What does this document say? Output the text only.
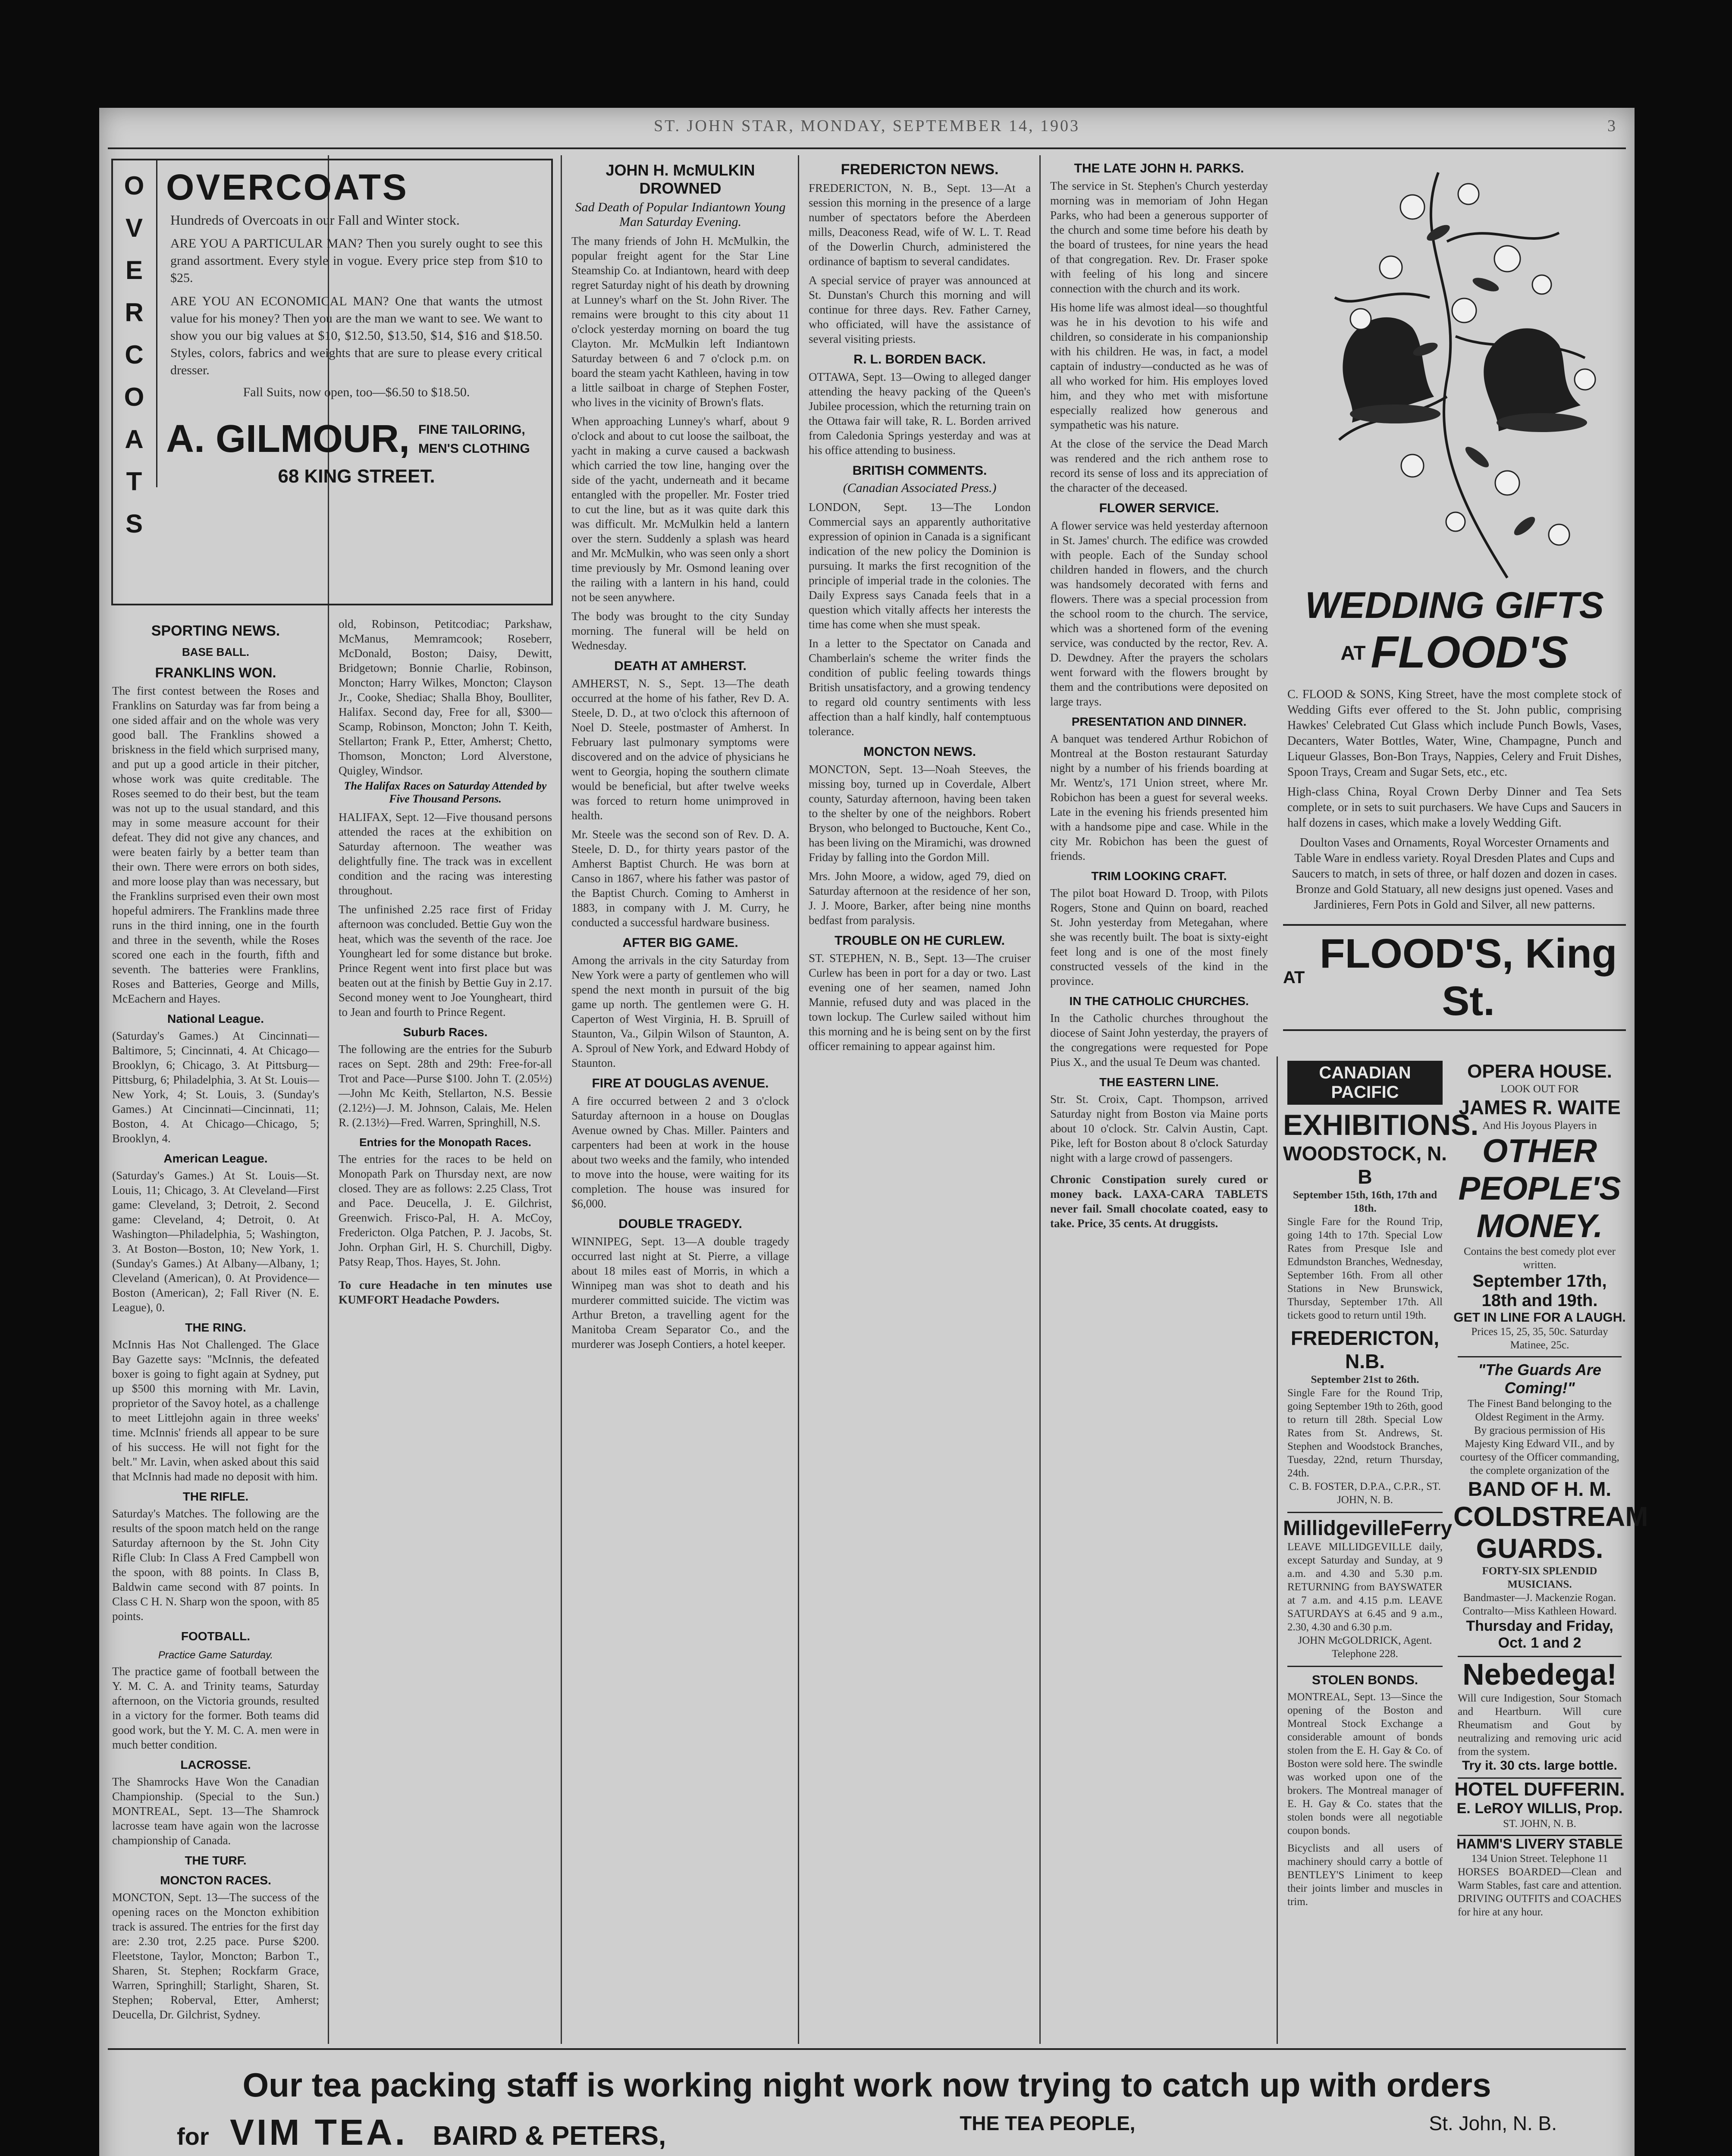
ST. JOHN STAR, MONDAY, SEPTEMBER 14, 1903	3
OVERCOATS
OVERCOATS
Hundreds of Overcoats in our Fall and Winter stock.
ARE YOU A PARTICULAR MAN? Then you surely ought to see this grand assortment. Every style in vogue. Every price step from $10 to $25.
ARE YOU AN ECONOMICAL MAN? One that wants the utmost value for his money? Then you are the man we want to see. We want to show you our big values at $10, $12.50, $13.50, $14, $16 and $18.50. Styles, colors, fabrics and weights that are sure to please every critical dresser.
Fall Suits, now open, too—$6.50 to $18.50.
A. GILMOUR, FINE TAILORING,
MEN'S CLOTHING
68 KING STREET.
SPORTING NEWS.
BASE BALL.
FRANKLINS WON.
The first contest between the Roses and Franklins on Saturday was far from being a one sided affair and on the whole was very good ball. The Franklins showed a briskness in the field which surprised many, and put up a good article in their pitcher, whose work was quite creditable. The Roses seemed to do their best, but the team was not up to the usual standard, and this may in some measure account for their defeat. They did not give any chances, and were beaten fairly by a better team than their own. There were errors on both sides, and more loose play than was necessary, but the Franklins surprised even their own most hopeful admirers. The Franklins made three runs in the third inning, one in the fourth and three in the seventh, while the Roses scored one each in the fourth, fifth and seventh. The batteries were Franklins, Roses and Batteries, George and Mills, McEachern and Hayes.
National League.
(Saturday's Games.) At Cincinnati—Baltimore, 5; Cincinnati, 4. At Chicago—Brooklyn, 6; Chicago, 3. At Pittsburg—Pittsburg, 6; Philadelphia, 3. At St. Louis—New York, 4; St. Louis, 3. (Sunday's Games.) At Cincinnati—Cincinnati, 11; Boston, 4. At Chicago—Chicago, 5; Brooklyn, 4.
American League.
(Saturday's Games.) At St. Louis—St. Louis, 11; Chicago, 3. At Cleveland—First game: Cleveland, 3; Detroit, 2. Second game: Cleveland, 4; Detroit, 0. At Washington—Philadelphia, 5; Washington, 3. At Boston—Boston, 10; New York, 1. (Sunday's Games.) At Albany—Albany, 1; Cleveland (American), 0. At Providence—Boston (American), 2; Fall River (N. E. League), 0.
THE RING.
McInnis Has Not Challenged. The Glace Bay Gazette says: "McInnis, the defeated boxer is going to fight again at Sydney, put up $500 this morning with Mr. Lavin, proprietor of the Savoy hotel, as a challenge to meet Littlejohn again in three weeks' time. McInnis' friends all appear to be sure of his success. He will not fight for the belt." Mr. Lavin, when asked about this said that McInnis had made no deposit with him.
THE RIFLE.
Saturday's Matches. The following are the results of the spoon match held on the range Saturday afternoon by the St. John City Rifle Club: In Class A Fred Campbell won the spoon, with 88 points. In Class B, Baldwin came second with 87 points. In Class C H. N. Sharp won the spoon, with 85 points.
FOOTBALL.
Practice Game Saturday.
The practice game of football between the Y. M. C. A. and Trinity teams, Saturday afternoon, on the Victoria grounds, resulted in a victory for the former. Both teams did good work, but the Y. M. C. A. men were in much better condition.
LACROSSE.
The Shamrocks Have Won the Canadian Championship. (Special to the Sun.) MONTREAL, Sept. 13—The Shamrock lacrosse team have again won the lacrosse championship of Canada.
THE TURF.
MONCTON RACES.
MONCTON, Sept. 13—The success of the opening races on the Moncton exhibition track is assured. The entries for the first day are: 2.30 trot, 2.25 pace. Purse $200. Fleetstone, Taylor, Moncton; Barbon T., Sharen, St. Stephen; Rockfarm Grace, Warren, Springhill; Starlight, Sharen, St. Stephen; Roberval, Etter, Amherst; Deucella, Dr. Gilchrist, Sydney.
old, Robinson, Petitcodiac; Parkshaw, McManus, Memramcook; Roseberr, McDonald, Boston; Daisy, Dewitt, Bridgetown; Bonnie Charlie, Robinson, Moncton; Harry Wilkes, Moncton; Clayson Jr., Cooke, Shediac; Shalla Bhoy, Boulliter, Halifax. Second day, Free for all, $300—Scamp, Robinson, Moncton; John T. Keith, Stellarton; Frank P., Etter, Amherst; Chetto, Thomson, Moncton; Lord Alverstone, Quigley, Windsor.
The Halifax Races on Saturday Attended by Five Thousand Persons.
HALIFAX, Sept. 12—Five thousand persons attended the races at the exhibition on Saturday afternoon. The weather was delightfully fine. The track was in excellent condition and the racing was interesting throughout.
The unfinished 2.25 race first of Friday afternoon was concluded. Bettie Guy won the heat, which was the seventh of the race. Joe Youngheart led for some distance but broke. Prince Regent went into first place but was beaten out at the finish by Bettie Guy in 2.17. Second money went to Joe Youngheart, third to Jean and fourth to Prince Regent.
Suburb Races.
The following are the entries for the Suburb races on Sept. 28th and 29th: Free-for-all Trot and Pace—Purse $100. John T. (2.05½)—John Mc Keith, Stellarton, N.S. Bessie (2.12½)—J. M. Johnson, Calais, Me. Helen R. (2.13½)—Fred. Warren, Springhill, N.S.
Entries for the Monopath Races.
The entries for the races to be held on Monopath Park on Thursday next, are now closed. They are as follows: 2.25 Class, Trot and Pace. Deucella, J. E. Gilchrist, Greenwich. Frisco-Pal, H. A. McCoy, Fredericton. Olga Patchen, P. J. Jacobs, St. John. Orphan Girl, H. S. Churchill, Digby. Patsy Reap, Thos. Hayes, St. John.
To cure Headache in ten minutes use KUMFORT Headache Powders.
JOHN H. McMULKIN DROWNED
Sad Death of Popular Indiantown Young Man Saturday Evening.
The many friends of John H. McMulkin, the popular freight agent for the Star Line Steamship Co. at Indiantown, heard with deep regret Saturday night of his death by drowning at Lunney's wharf on the St. John River. The remains were brought to this city about 11 o'clock yesterday morning on board the tug Clayton. Mr. McMulkin left Indiantown Saturday between 6 and 7 o'clock p.m. on board the steam yacht Kathleen, having in tow a little sailboat in charge of Stephen Foster, who lives in the vicinity of Brown's flats.
When approaching Lunney's wharf, about 9 o'clock and about to cut loose the sailboat, the yacht in making a curve caused a backwash which carried the tow line, hanging over the side of the yacht, underneath and it became entangled with the propeller. Mr. Foster tried to cut the line, but as it was quite dark this was difficult. Mr. McMulkin held a lantern over the stern. Suddenly a splash was heard and Mr. McMulkin, who was seen only a short time previously by Mr. Osmond leaning over the railing with a lantern in his hand, could not be seen anywhere.
The body was brought to the city Sunday morning. The funeral will be held on Wednesday.
DEATH AT AMHERST.
AMHERST, N. S., Sept. 13—The death occurred at the home of his father, Rev D. A. Steele, D. D., at two o'clock this afternoon of Noel D. Steele, postmaster of Amherst. In February last pulmonary symptoms were discovered and on the advice of physicians he went to Georgia, hoping the southern climate would be beneficial, but after twelve weeks was forced to return home unimproved in health.
Mr. Steele was the second son of Rev. D. A. Steele, D. D., for thirty years pastor of the Amherst Baptist Church. He was born at Canso in 1867, where his father was pastor of the Baptist Church. Coming to Amherst in 1883, in company with J. M. Curry, he conducted a successful hardware business.
AFTER BIG GAME.
Among the arrivals in the city Saturday from New York were a party of gentlemen who will spend the next month in pursuit of the big game up north. The gentlemen were G. H. Caperton of West Virginia, H. B. Spruill of Staunton, Va., Gilpin Wilson of Staunton, A. A. Sproul of New York, and Edward Hobdy of Staunton.
FIRE AT DOUGLAS AVENUE.
A fire occurred between 2 and 3 o'clock Saturday afternoon in a house on Douglas Avenue owned by Chas. Miller. Painters and carpenters had been at work in the house about two weeks and the family, who intended to move into the house, were waiting for its completion. The house was insured for $6,000.
DOUBLE TRAGEDY.
WINNIPEG, Sept. 13—A double tragedy occurred last night at St. Pierre, a village about 18 miles east of Morris, in which a Winnipeg man was shot to death and his murderer committed suicide. The victim was Arthur Breton, a travelling agent for the Manitoba Cream Separator Co., and the murderer was Joseph Contiers, a hotel keeper.
FREDERICTON NEWS.
FREDERICTON, N. B., Sept. 13—At a session this morning in the presence of a large number of spectators before the Aberdeen mills, Deaconess Read, wife of W. L. T. Read of the Dowerlin Church, administered the ordinance of baptism to several candidates.
A special service of prayer was announced at St. Dunstan's Church this morning and will continue for three days. Rev. Father Carney, who officiated, will have the assistance of several visiting priests.
R. L. BORDEN BACK.
OTTAWA, Sept. 13—Owing to alleged danger attending the heavy packing of the Queen's Jubilee procession, which the returning train on the Ottawa fair will take, R. L. Borden arrived from Caledonia Springs yesterday and was at his office attending to business.
BRITISH COMMENTS.
(Canadian Associated Press.)
LONDON, Sept. 13—The London Commercial says an apparently authoritative expression of opinion in Canada is a significant indication of the new policy the Dominion is pursuing. It marks the first recognition of the principle of imperial trade in the colonies. The Daily Express says Canada feels that in a question which vitally affects her interests the time has come when she must speak.
In a letter to the Spectator on Canada and Chamberlain's scheme the writer finds the condition of public feeling towards things British unsatisfactory, and a growing tendency to regard old country sentiments with less affection than a half kindly, half contemptuous tolerance.
MONCTON NEWS.
MONCTON, Sept. 13—Noah Steeves, the missing boy, turned up in Coverdale, Albert county, Saturday afternoon, having been taken to the shelter by one of the neighbors. Robert Bryson, who belonged to Buctouche, Kent Co., has been living on the Miramichi, was drowned Friday by falling into the Gordon Mill.
Mrs. John Moore, a widow, aged 79, died on Saturday afternoon at the residence of her son, J. J. Moore, Barker, after being nine months bedfast from paralysis.
TROUBLE ON HE CURLEW.
ST. STEPHEN, N. B., Sept. 13—The cruiser Curlew has been in port for a day or two. Last evening one of her seamen, named John Mannie, refused duty and was placed in the town lockup. The Curlew sailed without him this morning and he is being sent on by the first officer remaining to appear against him.
THE LATE JOHN H. PARKS.
The service in St. Stephen's Church yesterday morning was in memoriam of John Hegan Parks, who had been a generous supporter of the church and some time before his death by the board of trustees, for nine years the head of that congregation. Rev. Dr. Fraser spoke with feeling of his long and sincere connection with the church and its work.
His home life was almost ideal—so thoughtful was he in his devotion to his wife and children, so considerate in his companionship with his children. He was, in fact, a model captain of industry—conducted as he was of all who worked for him. His employes loved him, and they who met with misfortune especially realized how generous and sympathetic was his nature.
At the close of the service the Dead March was rendered and the rich anthem rose to record its sense of loss and its appreciation of the character of the deceased.
FLOWER SERVICE.
A flower service was held yesterday afternoon in St. James' church. The edifice was crowded with people. Each of the Sunday school children handed in flowers, and the church was handsomely decorated with ferns and flowers. There was a special procession from the school room to the church. The service, which was a shortened form of the evening service, was conducted by the rector, Rev. A. D. Dewdney. After the prayers the scholars went forward with the flowers brought by them and the contributions were deposited on large trays.
PRESENTATION AND DINNER.
A banquet was tendered Arthur Robichon of Montreal at the Boston restaurant Saturday night by a number of his friends boarding at Mr. Wentz's, 171 Union street, where Mr. Robichon has been a guest for several weeks. Late in the evening his friends presented him with a handsome pipe and case. While in the city Mr. Robichon has been the guest of friends.
TRIM LOOKING CRAFT.
The pilot boat Howard D. Troop, with Pilots Rogers, Stone and Quinn on board, reached St. John yesterday from Metegahan, where she was recently built. The boat is sixty-eight feet long and is one of the most finely constructed vessels of the kind in the province.
IN THE CATHOLIC CHURCHES.
In the Catholic churches throughout the diocese of Saint John yesterday, the prayers of the congregations were requested for Pope Pius X., and the usual Te Deum was chanted.
THE EASTERN LINE.
Str. St. Croix, Capt. Thompson, arrived Saturday night from Boston via Maine ports about 10 o'clock. Str. Calvin Austin, Capt. Pike, left for Boston about 8 o'clock Saturday night with a large crowd of passengers.
Chronic Constipation surely cured or money back. LAXA-CARA TABLETS never fail. Small chocolate coated, easy to take. Price, 35 cents. At druggists.
WEDDING GIFTS
AT FLOOD'S
C. FLOOD & SONS, King Street, have the most complete stock of Wedding Gifts ever offered to the St. John public, comprising Hawkes' Celebrated Cut Glass which include Punch Bowls, Vases, Decanters, Water Bottles, Water, Wine, Champagne, Punch and Liqueur Glasses, Bon-Bon Trays, Nappies, Celery and Fruit Dishes, Spoon Trays, Cream and Sugar Sets, etc., etc.
High-class China, Royal Crown Derby Dinner and Tea Sets complete, or in sets to suit purchasers. We have Cups and Saucers in half dozens in cases, which make a lovely Wedding Gift.
Doulton Vases and Ornaments, Royal Worcester Ornaments and Table Ware in endless variety. Royal Dresden Plates and Cups and Saucers to match, in sets of three, or half dozen and dozen in cases. Bronze and Gold Statuary, all new designs just opened. Vases and Jardinieres, Fern Pots in Gold and Silver, all new patterns.
AT
FLOOD'S, King St.
CANADIAN
PACIFIC
EXHIBITIONS.
WOODSTOCK, N. B
September 15th, 16th, 17th and 18th.
Single Fare for the Round Trip, going 14th to 17th. Special Low Rates from Presque Isle and Edmundston Branches, Wednesday, September 16th. From all other Stations in New Brunswick, Thursday, September 17th. All tickets good to return until 19th.
FREDERICTON, N.B.
September 21st to 26th.
Single Fare for the Round Trip, going September 19th to 26th, good to return till 28th. Special Low Rates from St. Andrews, St. Stephen and Woodstock Branches, Tuesday, 22nd, return Thursday, 24th.
C. B. FOSTER, D.P.A., C.P.R., ST. JOHN, N. B.
MillidgevilleFerry
LEAVE MILLIDGEVILLE daily, except Saturday and Sunday, at 9 a.m. and 4.30 and 5.30 p.m. RETURNING from BAYSWATER at 7 a.m. and 4.15 p.m. LEAVE SATURDAYS at 6.45 and 9 a.m., 2.30, 4.30 and 6.30 p.m.
JOHN McGOLDRICK, Agent. Telephone 228.
STOLEN BONDS.
MONTREAL, Sept. 13—Since the opening of the Boston and Montreal Stock Exchange a considerable amount of bonds stolen from the E. H. Gay & Co. of Boston were sold here. The swindle was worked upon one of the brokers. The Montreal manager of E. H. Gay & Co. states that the stolen bonds were all negotiable coupon bonds.
Bicyclists and all users of machinery should carry a bottle of BENTLEY'S Liniment to keep their joints limber and muscles in trim.
OPERA HOUSE.
LOOK OUT FOR
JAMES R. WAITE
And His Joyous Players in
OTHER
PEOPLE'S
MONEY.
Contains the best comedy plot ever written.
September 17th, 18th and 19th.
GET IN LINE FOR A LAUGH.
Prices 15, 25, 35, 50c. Saturday Matinee, 25c.
"The Guards Are Coming!"
The Finest Band belonging to the Oldest Regiment in the Army.
By gracious permission of His Majesty King Edward VII., and by courtesy of the Officer commanding, the complete organization of the
BAND OF H. M.
COLDSTREAM
GUARDS.
FORTY-SIX SPLENDID MUSICIANS.
Bandmaster—J. Mackenzie Rogan. Contralto—Miss Kathleen Howard.
Thursday and Friday, Oct. 1 and 2
Nebedega!
Will cure Indigestion, Sour Stomach and Heartburn. Will cure Rheumatism and Gout by neutralizing and removing uric acid from the system.
Try it. 30 cts. large bottle.
HOTEL DUFFERIN.
E. LeROY WILLIS, Prop.
ST. JOHN, N. B.
HAMM'S LIVERY STABLE
134 Union Street. Telephone 11
HORSES BOARDED—Clean and Warm Stables, fast care and attention. DRIVING OUTFITS and COACHES for hire at any hour.
Our tea packing staff is working night work now trying to catch up with orders
for VIM TEA. BAIRD & PETERS,	THE TEA PEOPLE,	St. John, N. B.
